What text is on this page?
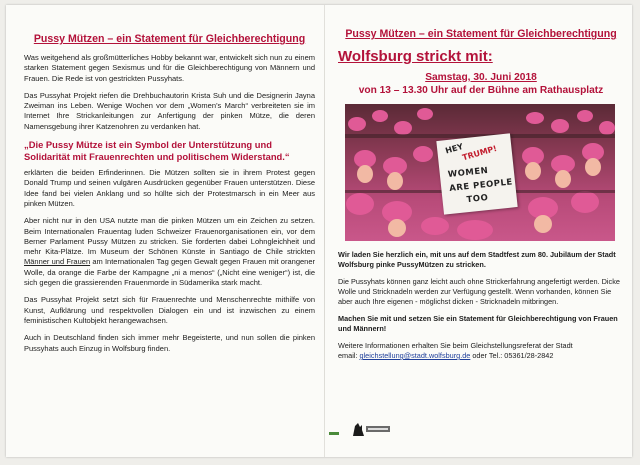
Pussy Mützen – ein Statement für Gleichberechtigung

Was weitgehend als großmütterliches Hobby bekannt war, entwickelt sich nun zu einem starken Statement gegen Sexismus und für die Gleichberechtigung von Männern und Frauen. Die Rede ist von gestrickten Pussyhats.

Das Pussyhat Projekt riefen die Drehbuchautorin Krista Suh und die Designerin Jayna Zweiman ins Leben. Wenige Wochen vor dem „Women’s March“ verbreiteten sie im Internet Ihre Strickanleitungen zur Anfertigung der pinken Mütze, die deren Namensgebung ihrer Katzenohren zu verdanken hat.

„Die Pussy Mütze ist ein Symbol der Unterstützung und Solidarität mit Frauenrechten und politischem Widerstand.“

erklärten die beiden Erfinderinnen. Die Mützen sollten sie in ihrem Protest gegen Donald Trump und seinen vulgären Ausdrücken gegenüber Frauen unterstützen. Diese Idee fand bei vielen Anklang und so hüllte sich der Protestmarsch in ein Meer aus pinken Mützen.

Aber nicht nur in den USA nutzte man die pinken Mützen um ein Zeichen zu setzen. Beim Internationalen Frauentag luden Schweizer Frauenorganisationen ein, vor dem Berner Parlament Pussy Mützen zu stricken. Sie forderten dabei Lohngleichheit und mehr Kita-Plätze. Im Museum der Schönen Künste in Santiago de Chile strickten Männer und Frauen am Internationalen Tag gegen Gewalt gegen Frauen mit orangener Wolle, da orange die Farbe der Kampagne „ni a menos“ („Nicht eine weniger“) ist, die sich gegen die grassierenden Frauenmorde in Südamerika stark macht.

Das Pussyhat Projekt setzt sich für Frauenrechte und Menschenrechte mithilfe von Kunst, Aufklärung und respektvollen Dialogen ein und ist inzwischen zu einem feministischen Kultobjekt herangewachsen.

Auch in Deutschland finden sich immer mehr Begeisterte, und nun sollen die pinken Pussyhats auch Einzug in Wolfsburg finden.

Pussy Mützen – ein Statement für Gleichberechtigung
Wolfsburg strickt mit:
Samstag, 30. Juni 2018
von 13 – 13.30 Uhr auf der Bühne am Rathausplatz
HEY
TRUMP!
WOMEN
ARE PEOPLE
TOO

Wir laden Sie herzlich ein, mit uns auf dem Stadtfest zum 80. Jubiläum der Stadt Wolfsburg pinke PussyMützen zu stricken.

Die Pussyhats können ganz leicht auch ohne Strickerfahrung angefertigt werden. Dicke Wolle und Stricknadeln werden zur Verfügung gestellt. Wenn vorhanden, können Sie aber auch Ihre eigenen - möglichst dicken - Stricknadeln mitbringen.

Machen Sie mit und setzen Sie ein Statement für Gleichberechtigung von Frauen und Männern!

Weitere Informationen erhalten Sie beim Gleichstellungsreferat der Stadt

email: gleichstellung@stadt.wolfsburg.de oder Tel.: 05361/28-2842
